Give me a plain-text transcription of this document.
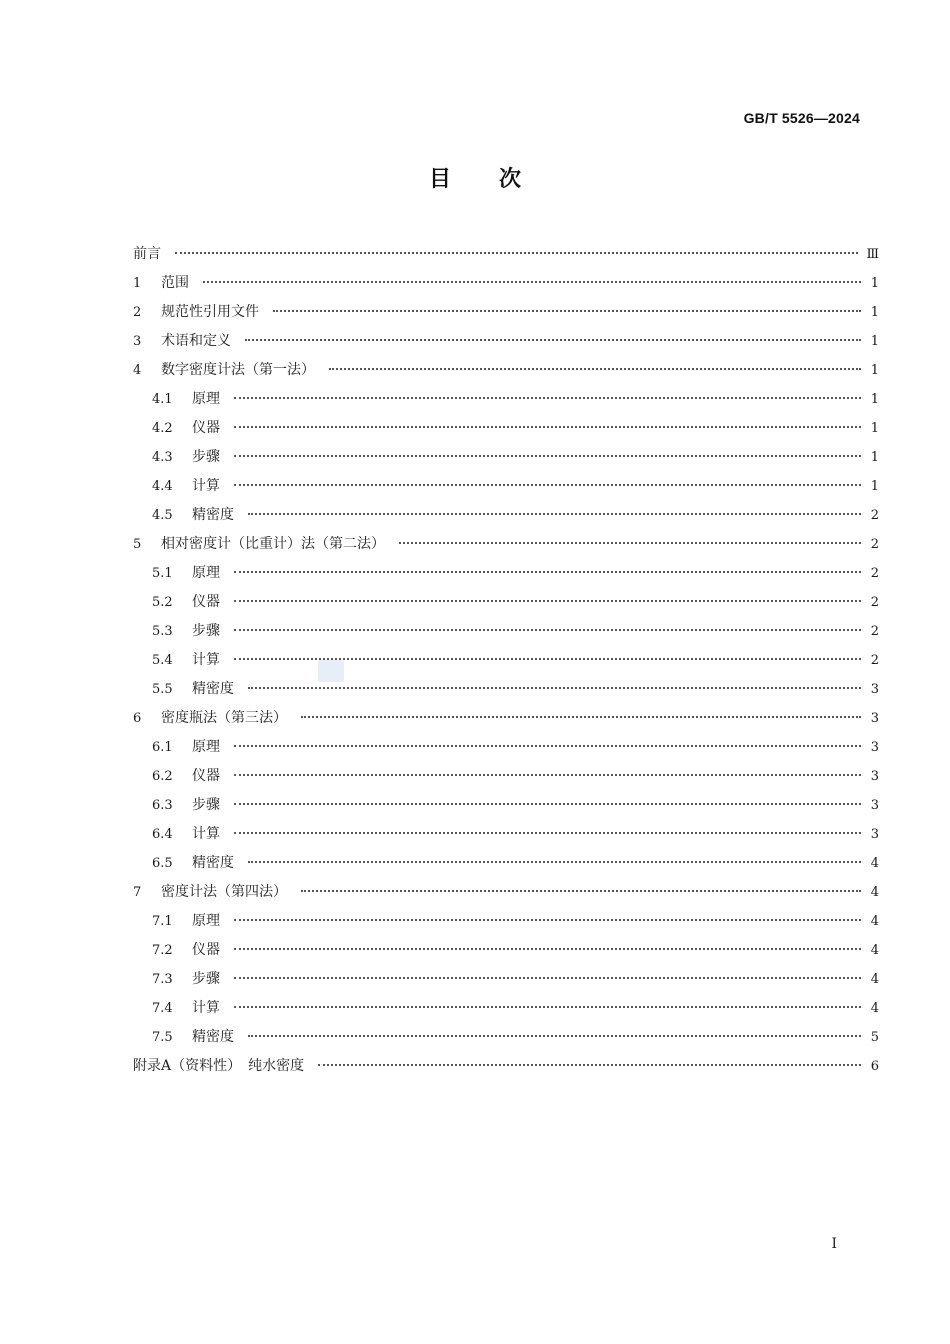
GB/T 5526—2024
目次
前言	Ⅲ
1	范围	1
2	规范性引用文件	1
3	术语和定义	1
4	数字密度计法（第一法）	1
4.1	原理	1
4.2	仪器	1
4.3	步骤	1
4.4	计算	1
4.5	精密度	2
5	相对密度计（比重计）法（第二法）	2
5.1	原理	2
5.2	仪器	2
5.3	步骤	2
5.4	计算	2
5.5	精密度	3
6	密度瓶法（第三法）	3
6.1	原理	3
6.2	仪器	3
6.3	步骤	3
6.4	计算	3
6.5	精密度	4
7	密度计法（第四法）	4
7.1	原理	4
7.2	仪器	4
7.3	步骤	4
7.4	计算	4
7.5	精密度	5
附录A（资料性）　纯水密度	6
Ⅰ
